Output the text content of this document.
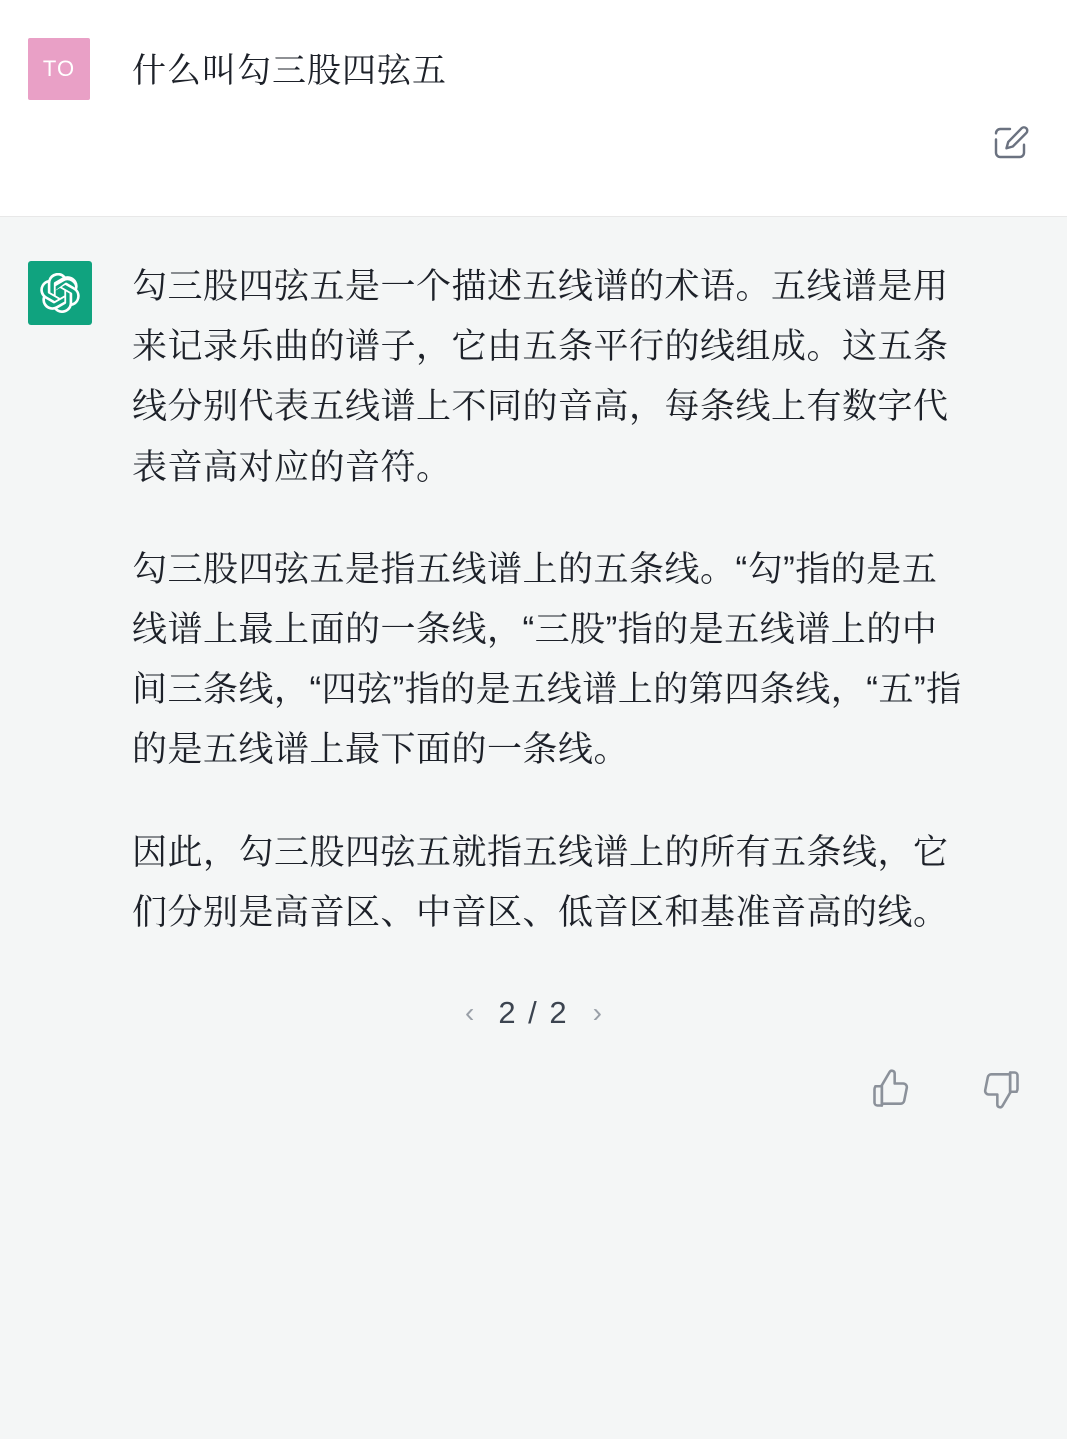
TO	什么叫勾三股四弦五

勾三股四弦五是一个描述五线谱的术语。五线谱是用来记录乐曲的谱子，它由五条平行的线组成。这五条线分别代表五线谱上不同的音高，每条线上有数字代表音高对应的音符。

勾三股四弦五是指五线谱上的五条线。“勾”指的是五线谱上最上面的一条线，“三股”指的是五线谱上的中间三条线，“四弦”指的是五线谱上的第四条线，“五”指的是五线谱上最下面的一条线。

因此，勾三股四弦五就指五线谱上的所有五条线，它们分别是高音区、中音区、低音区和基准音高的线。

‹ 2 / 2 ›
